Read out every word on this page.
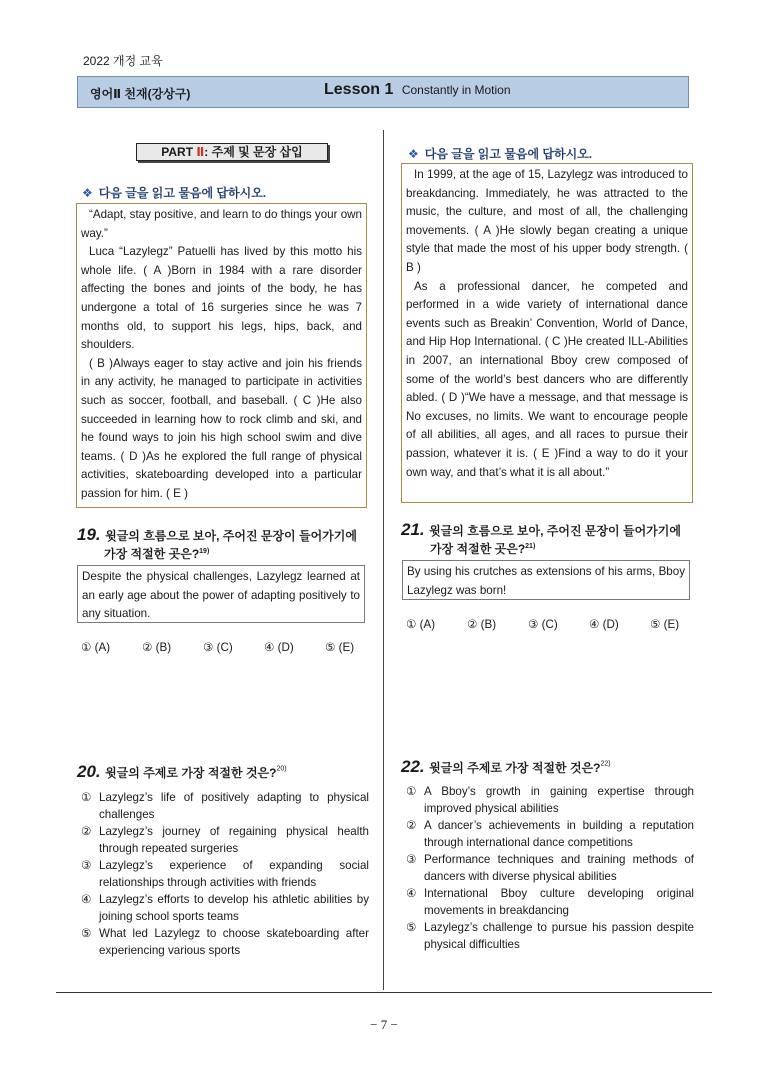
2022 개정 교육
영어Ⅱ 천재(강상구)	Lesson 1 Constantly in Motion
PART Ⅱ: 주제 및 문장 삽입
❖ 다음 글을 읽고 물음에 답하시오.

“Adapt, stay positive, and learn to do things your own way.”

Luca “Lazylegz” Patuelli has lived by this motto his whole life. ( A )Born in 1984 with a rare disorder affecting the bones and joints of the body, he has undergone a total of 16 surgeries since he was 7 months old, to support his legs, hips, back, and shoulders.

( B )Always eager to stay active and join his friends in any activity, he managed to participate in activities such as soccer, football, and baseball. ( C )He also succeeded in learning how to rock climb and ski, and he found ways to join his high school swim and dive teams. ( D )As he explored the full range of physical activities, skateboarding developed into a particular passion for him. ( E )

19. 윗글의 흐름으로 보아, 주어진 문장이 들어가기에
가장 적절한 곳은?$^{19)}$
Despite the physical challenges, Lazylegz learned at an early age about the power of adapting positively to any situation.
① (A)	② (B)	③ (C)	④ (D)	⑤ (E)
20. 윗글의 주제로 가장 적절한 것은?$^{20)}$
① Lazylegz’s life of positively adapting to physical challenges
② Lazylegz’s journey of regaining physical health through repeated surgeries
③ Lazylegz’s experience of expanding social relationships through activities with friends
④ Lazylegz’s efforts to develop his athletic abilities by joining school sports teams
⑤ What led Lazylegz to choose skateboarding after experiencing various sports
❖ 다음 글을 읽고 물음에 답하시오.

In 1999, at the age of 15, Lazylegz was introduced to breakdancing. Immediately, he was attracted to the music, the culture, and most of all, the challenging movements. ( A )He slowly began creating a unique style that made the most of his upper body strength. ( B )

As a professional dancer, he competed and performed in a wide variety of international dance events such as Breakin’ Convention, World of Dance, and Hip Hop International. ( C )He created ILL-Abilities in 2007, an international Bboy crew composed of some of the world’s best dancers who are differently abled. ( D )“We have a message, and that message is No excuses, no limits. We want to encourage people of all abilities, all ages, and all races to pursue their passion, whatever it is. ( E )Find a way to do it your own way, and that’s what it is all about.”

21. 윗글의 흐름으로 보아, 주어진 문장이 들어가기에
가장 적절한 곳은?$^{21)}$
By using his crutches as extensions of his arms, Bboy Lazylegz was born!
① (A)	② (B)	③ (C)	④ (D)	⑤ (E)
22. 윗글의 주제로 가장 적절한 것은?$^{22)}$
① A Bboy’s growth in gaining expertise through improved physical abilities
② A dancer’s achievements in building a reputation through international dance competitions
③ Performance techniques and training methods of dancers with diverse physical abilities
④ International Bboy culture developing original movements in breakdancing
⑤ Lazylegz’s challenge to pursue his passion despite physical difficulties
− 7 −
